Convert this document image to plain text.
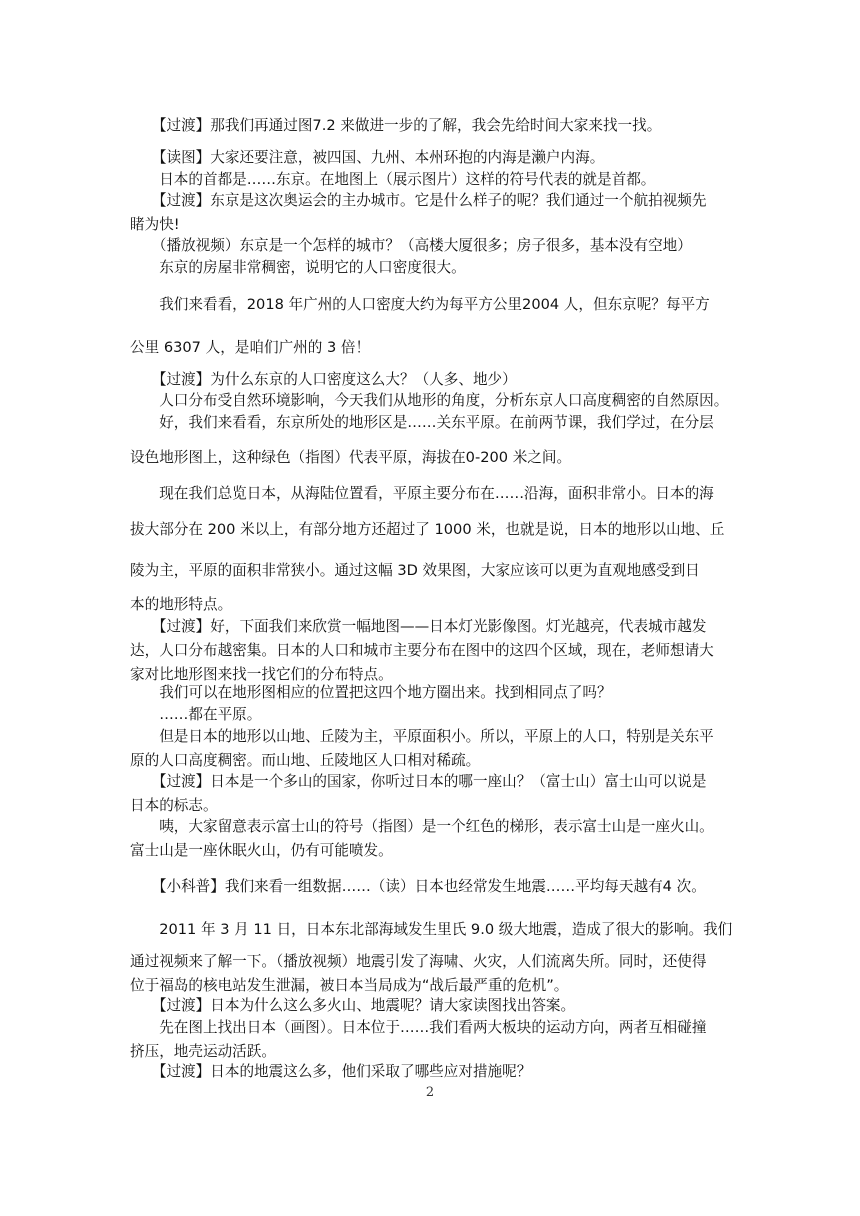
　　【过渡】那我们再通过图7.2 来做进一步的了解，我会先给时间大家来找一找。

　　【读图】大家还要注意，被四国、九州、本州环抱的内海是濑户内海。

　　日本的首都是……东京。在地图上（展示图片）这样的符号代表的就是首都。

　　【过渡】东京是这次奥运会的主办城市。它是什么样子的呢？我们通过一个航拍视频先
睹为快!

　　（播放视频）东京是一个怎样的城市？（高楼大厦很多；房子很多，基本没有空地）

　　东京的房屋非常稠密，说明它的人口密度很大。

　　我们来看看，2018 年广州的人口密度大约为每平方公里2004 人，但东京呢？每平方

公里 6307 人，是咱们广州的 3 倍！

　　【过渡】为什么东京的人口密度这么大？（人多、地少）

　　人口分布受自然环境影响，今天我们从地形的角度，分析东京人口高度稠密的自然原因。

　　好，我们来看看，东京所处的地形区是……关东平原。在前两节课，我们学过，在分层

设色地形图上，这种绿色（指图）代表平原，海拔在0-200 米之间。

　　现在我们总览日本，从海陆位置看，平原主要分布在……沿海，面积非常小。日本的海

拔大部分在 200 米以上，有部分地方还超过了 1000 米，也就是说，日本的地形以山地、丘

陵为主，平原的面积非常狭小。通过这幅 3D 效果图，大家应该可以更为直观地感受到日

本的地形特点。

　　【过渡】好，下面我们来欣赏一幅地图——日本灯光影像图。灯光越亮，代表城市越发
达，人口分布越密集。日本的人口和城市主要分布在图中的这四个区域，现在，老师想请大
家对比地形图来找一找它们的分布特点。

　　我们可以在地形图相应的位置把这四个地方圈出来。找到相同点了吗？

　　……都在平原。

　　但是日本的地形以山地、丘陵为主，平原面积小。所以，平原上的人口，特别是关东平
原的人口高度稠密。而山地、丘陵地区人口相对稀疏。

　　【过渡】日本是一个多山的国家，你听过日本的哪一座山？（富士山）富士山可以说是
日本的标志。

　　咦，大家留意表示富士山的符号（指图）是一个红色的梯形，表示富士山是一座火山。
富士山是一座休眠火山，仍有可能喷发。

　　【小科普】我们来看一组数据……（读）日本也经常发生地震……平均每天越有4 次。

　　2011 年 3 月 11 日，日本东北部海域发生里氏 9.0 级大地震，造成了很大的影响。我们

通过视频来了解一下。（播放视频）地震引发了海啸、火灾，人们流离失所。同时，还使得
位于福岛的核电站发生泄漏，被日本当局成为“战后最严重的危机”。

　　【过渡】日本为什么这么多火山、地震呢？请大家读图找出答案。

　　先在图上找出日本（画图）。日本位于……我们看两大板块的运动方向，两者互相碰撞
挤压，地壳运动活跃。

　　【过渡】日本的地震这么多，他们采取了哪些应对措施呢？

2
